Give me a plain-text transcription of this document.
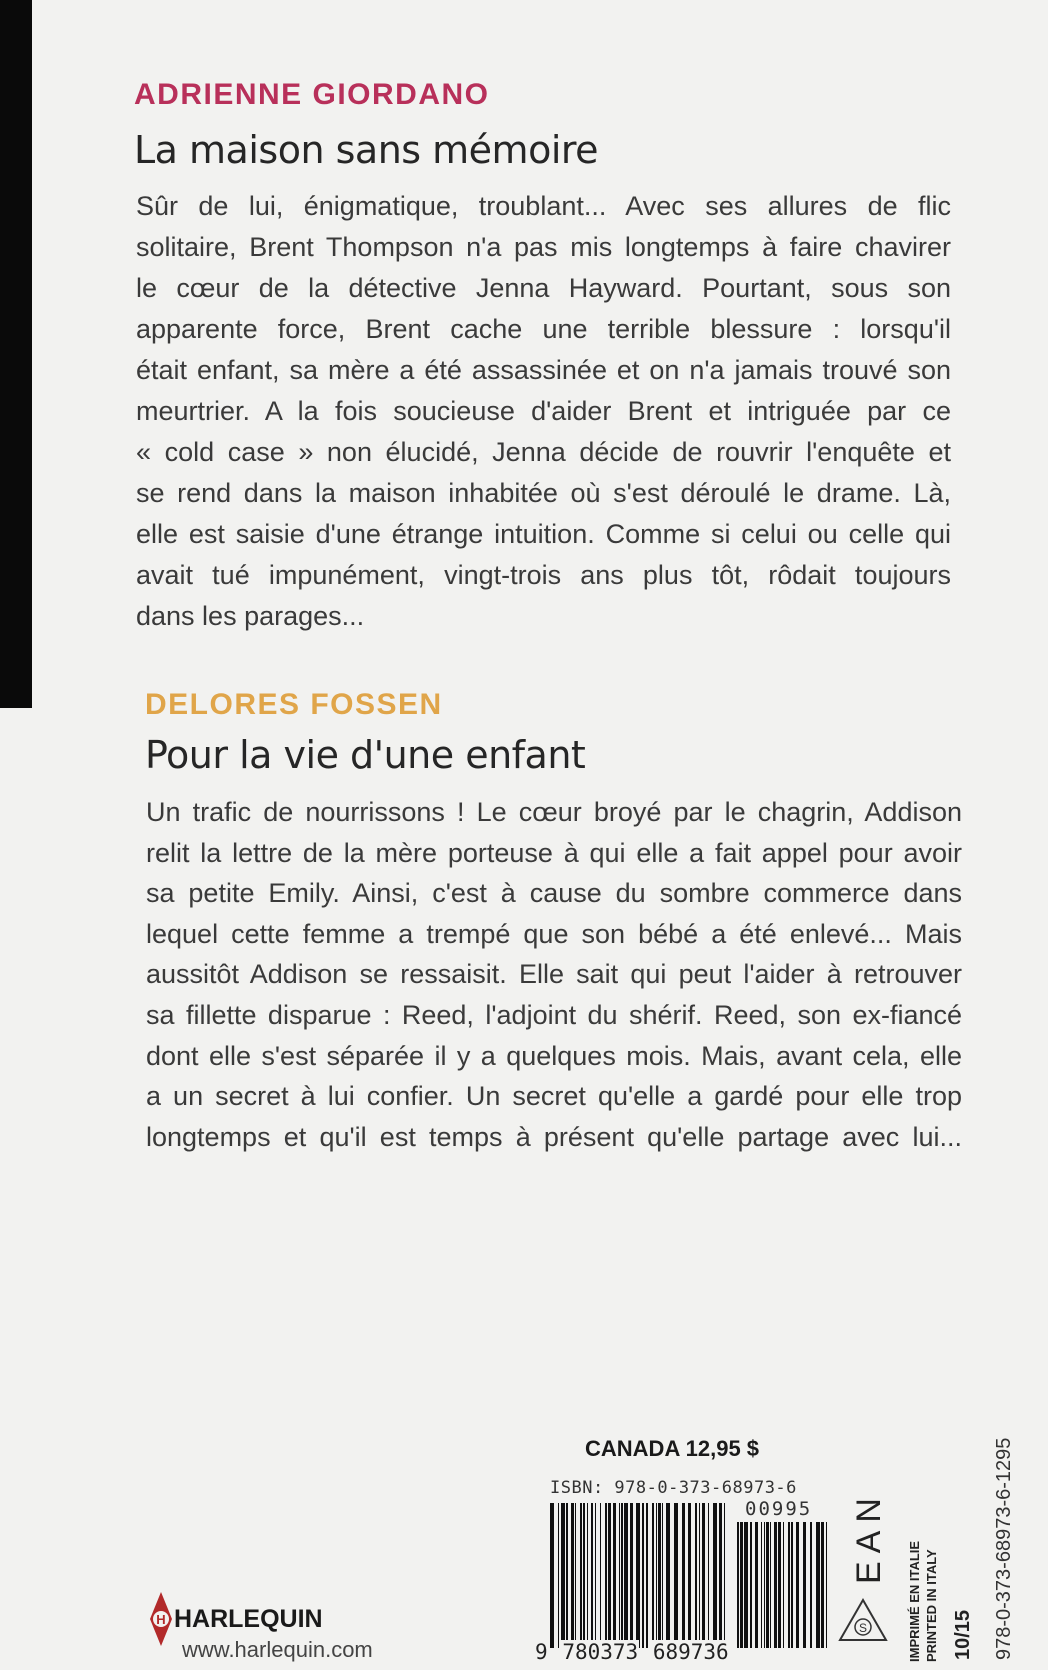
ADRIENNE GIORDANO
La maison sans mémoire
Sûr de lui, énigmatique, troublant... Avec ses allures de flic
solitaire, Brent Thompson n'a pas mis longtemps à faire chavirer
le cœur de la détective Jenna Hayward. Pourtant, sous son
apparente force, Brent cache une terrible blessure : lorsqu'il
était enfant, sa mère a été assassinée et on n'a jamais trouvé son
meurtrier. A la fois soucieuse d'aider Brent et intriguée par ce
« cold case » non élucidé, Jenna décide de rouvrir l'enquête et
se rend dans la maison inhabitée où s'est déroulé le drame. Là,
elle est saisie d'une étrange intuition. Comme si celui ou celle qui
avait tué impunément, vingt-trois ans plus tôt, rôdait toujours
dans les parages...
DELORES FOSSEN
Pour la vie d'une enfant
Un trafic de nourrissons ! Le cœur broyé par le chagrin, Addison
relit la lettre de la mère porteuse à qui elle a fait appel pour avoir
sa petite Emily. Ainsi, c'est à cause du sombre commerce dans
lequel cette femme a trempé que son bébé a été enlevé... Mais
aussitôt Addison se ressaisit. Elle sait qui peut l'aider à retrouver
sa fillette disparue : Reed, l'adjoint du shérif. Reed, son ex-fiancé
dont elle s'est séparée il y a quelques mois. Mais, avant cela, elle
a un secret à lui confier. Un secret qu'elle a gardé pour elle trop
longtemps et qu'il est temps à présent qu'elle partage avec lui...
CANADA 12,95 $
ISBN: 978-0-373-68973-6
00995
9 780373 689736
EAN
S	IMPRIMÉ EN ITALIE PRINTED IN ITALY 10/15 978-0-373-68973-6-1295
H HARLEQUIN
www.harlequin.com
